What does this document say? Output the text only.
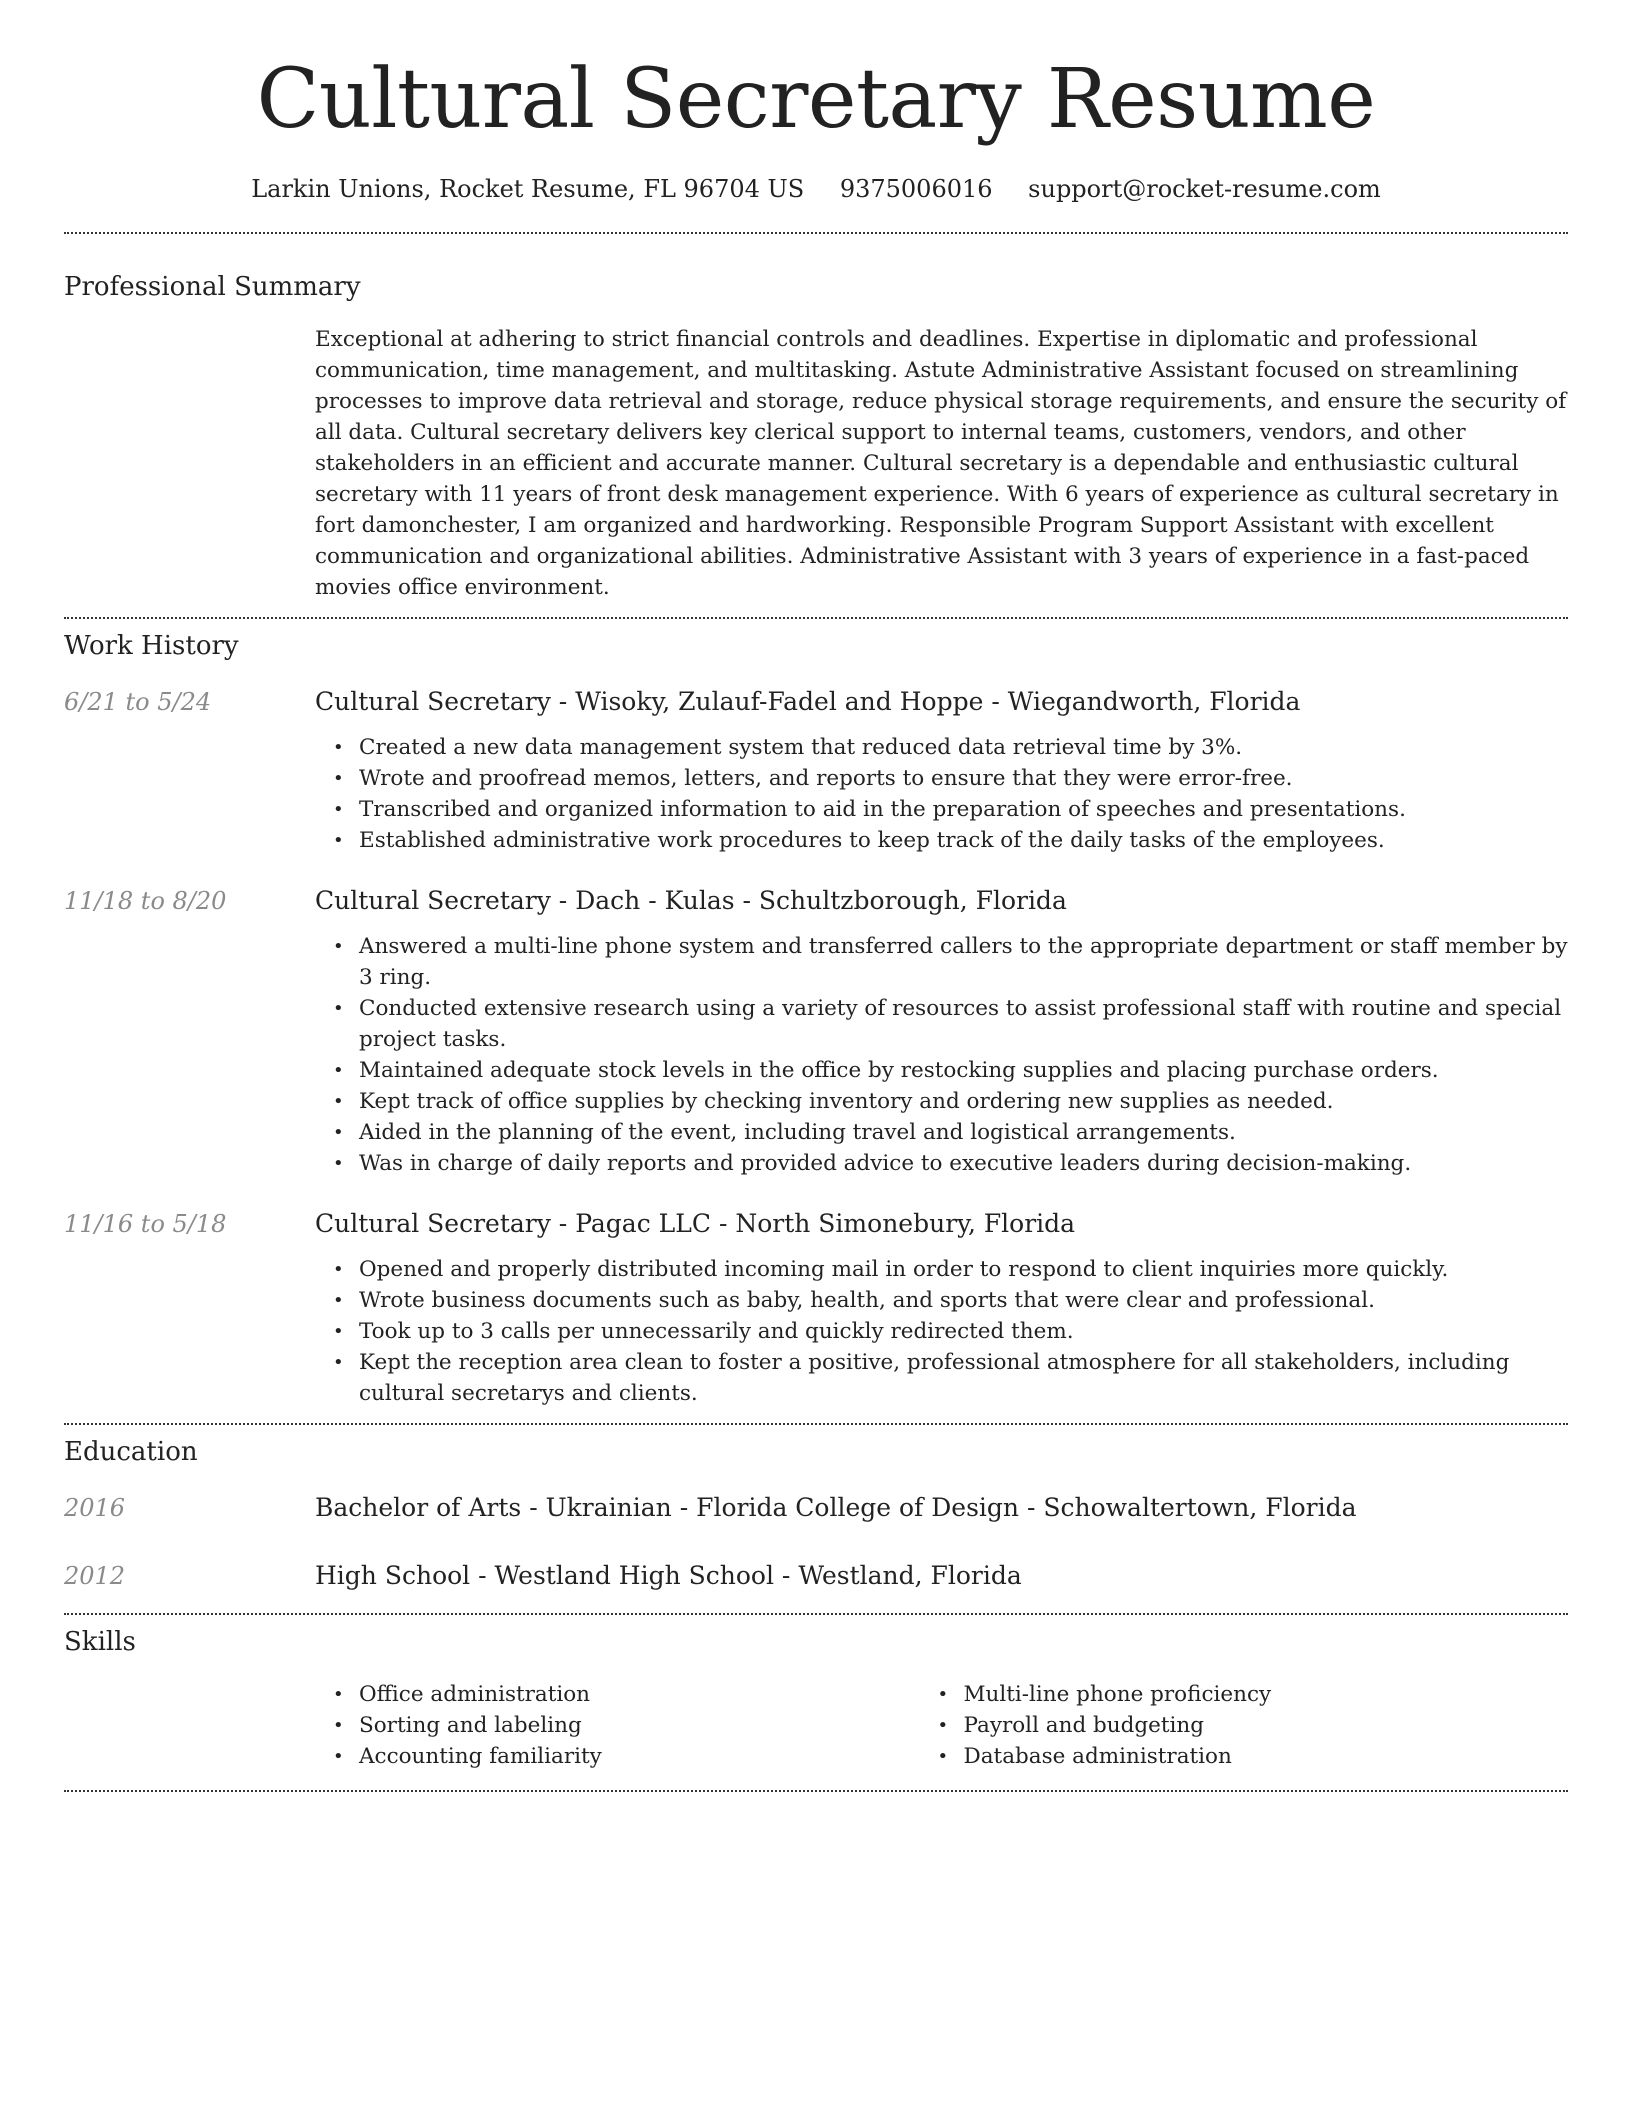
Cultural Secretary Resume
Larkin Unions, Rocket Resume, FL 96704 US 9375006016 support@rocket-resume.com
Professional Summary
Exceptional at adhering to strict financial controls and deadlines. Expertise in diplomatic and professional communication, time management, and multitasking. Astute Administrative Assistant focused on streamlining processes to improve data retrieval and storage, reduce physical storage requirements, and ensure the security of all data. Cultural secretary delivers key clerical support to internal teams, customers, vendors, and other stakeholders in an efficient and accurate manner. Cultural secretary is a dependable and enthusiastic cultural secretary with 11 years of front desk management experience. With 6 years of experience as cultural secretary in fort damonchester, I am organized and hardworking. Responsible Program Support Assistant with excellent communication and organizational abilities. Administrative Assistant with 3 years of experience in a fast-paced movies office environment.
Work History
6/21 to 5/24	Cultural Secretary - Wisoky, Zulauf-Fadel and Hoppe - Wiegandworth, Florida
• Created a new data management system that reduced data retrieval time by 3%.
• Wrote and proofread memos, letters, and reports to ensure that they were error-free.
• Transcribed and organized information to aid in the preparation of speeches and presentations.
• Established administrative work procedures to keep track of the daily tasks of the employees.
11/18 to 8/20	Cultural Secretary - Dach - Kulas - Schultzborough, Florida
• Answered a multi-line phone system and transferred callers to the appropriate department or staff member by 3 ring.
• Conducted extensive research using a variety of resources to assist professional staff with routine and special project tasks.
• Maintained adequate stock levels in the office by restocking supplies and placing purchase orders.
• Kept track of office supplies by checking inventory and ordering new supplies as needed.
• Aided in the planning of the event, including travel and logistical arrangements.
• Was in charge of daily reports and provided advice to executive leaders during decision-making.
11/16 to 5/18	Cultural Secretary - Pagac LLC - North Simonebury, Florida
• Opened and properly distributed incoming mail in order to respond to client inquiries more quickly.
• Wrote business documents such as baby, health, and sports that were clear and professional.
• Took up to 3 calls per unnecessarily and quickly redirected them.
• Kept the reception area clean to foster a positive, professional atmosphere for all stakeholders, including cultural secretarys and clients.
Education
2016	Bachelor of Arts - Ukrainian - Florida College of Design - Schowaltertown, Florida
2012	High School - Westland High School - Westland, Florida
Skills
• Office administration
• Sorting and labeling
• Accounting familiarity
• Multi-line phone proficiency
• Payroll and budgeting
• Database administration
